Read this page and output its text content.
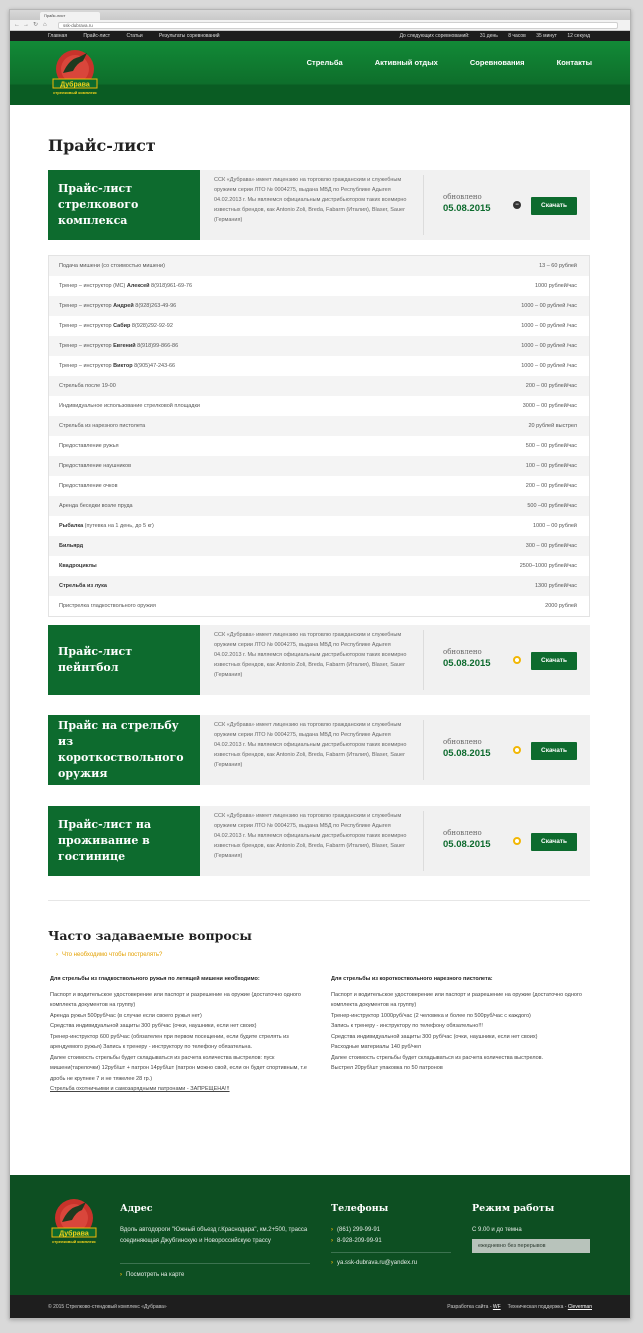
Прайс-лист
← → ↻ ⌂	ssk-dubrava.ru
Главная	Прайс-лист	Статьи	Результаты соревнований	До следующих соревнований: 31 день 8 часов 35 минут 12 секунд
Дубрава
стрелковый комплекс
Стрельба	Активный отдых	Соревнования	Контакты
Прайс-лист
Прайс-лист стрелкового комплекса
ССК «Дубрава» имеет лицензию на торговлю гражданским и служебным оружием серии ЛТО № 0004275, выдана МВД по Республике Адыгея 04.02.2013 г. Мы являемся официальным дистрибьютором таких всемирно известных брендов, как Antonio Zoli, Breda, Fabarm (Италия), Blaser, Sauer (Германия)
обновлено
05.08.2015	−	Скачать
Подача мишени (со стоимостью мишени)	13 – 60 рублей
Тренер – инструктор (МС) Алексей 8(918)961-69-76	1000 рублей/час
Тренер – инструктор Андрей 8(928)263-49-96	1000 – 00 рублей /час
Тренер – инструктор Сабир 8(928)292-92-92	1000 – 00 рублей /час
Тренер – инструктор Евгений 8(918)99-866-86	1000 – 00 рублей /час
Тренер – инструктор Виктор 8(905)47-243-66	1000 – 00 рублей /час
Стрельба после 19-00	200 – 00 рублей/час
Индивидуальное использование стрелковой площадки	3000 – 00 рублей/час
Стрельба из нарезного пистолета	20 рублей выстрел
Предоставление ружья	500 – 00 рублей/час
Предоставление наушников	100 – 00 рублей/час
Предоставление очков	200 – 00 рублей/час
Аренда беседки возле пруда	500 –00 рублей/час
Рыбалка (путевка на 1 день, до 5 кг)	1000 – 00 рублей
Бильярд	300 – 00 рублей/час
Квадроциклы	2500–1000 рублей/час
Стрельба из лука	1300 рублей/час
Пристрелка гладкоствольного оружия	2000 рублей
Прайс-лист пейнтбол
ССК «Дубрава» имеет лицензию на торговлю гражданским и служебным оружием серии ЛТО № 0004275, выдана МВД по Республике Адыгея 04.02.2013 г. Мы являемся официальным дистрибьютором таких всемирно известных брендов, как Antonio Zoli, Breda, Fabarm (Италия), Blaser, Sauer (Германия)
обновлено
05.08.2015	Скачать
Прайс на стрельбу из короткоствольного оружия
ССК «Дубрава» имеет лицензию на торговлю гражданским и служебным оружием серии ЛТО № 0004275, выдана МВД по Республике Адыгея 04.02.2013 г. Мы являемся официальным дистрибьютором таких всемирно известных брендов, как Antonio Zoli, Breda, Fabarm (Италия), Blaser, Sauer (Германия)
обновлено
05.08.2015	Скачать
Прайс-лист на проживание в гостинице
ССК «Дубрава» имеет лицензию на торговлю гражданским и служебным оружием серии ЛТО № 0004275, выдана МВД по Республике Адыгея 04.02.2013 г. Мы являемся официальным дистрибьютором таких всемирно известных брендов, как Antonio Zoli, Breda, Fabarm (Италия), Blaser, Sauer (Германия)
обновлено
05.08.2015	Скачать
Часто задаваемые вопросы
› Что необходимо чтобы пострелять?
Для стрельбы из гладкоствольного ружья по летящей мишени необходимо:
Паспорт и водительское удостоверение или паспорт и разрешение на оружие (достаточно одного комплекта документов на группу)
Аренда ружья 500руб/час (в случае если своего ружья нет)
Средства индивидуальной защиты 300 руб/час (очки, наушники, если нет своих)
Тренер-инструктор 600 руб/час (обязателен при первом посещении, если будите стрелять из арендуемого ружья) Запись к тренеру - инструктору по телефону обязательна.
Далее стоимость стрельбы будет складываться из расчета количества выстрелов: пуск мишени(тарелочки) 12руб/шт + патрон 14руб/шт (патрон можно свой, если он будет спортивным, т.е дробь не крупнее 7 и не тяжелее 28 гр.)
Стрельба охотничьими и самозарядными патронами - ЗАПРЕЩЕНА!!!
Для стрельбы из короткоствольного нарезного пистолета:
Паспорт и водительское удостоверение или паспорт и разрешение на оружие (достаточно одного комплекта документов на группу)
Тренер-инструктор 1000руб/час (2 человека и более по 500руб/час с каждого)
Запись к тренеру - инструктору по телефону обязательно!!!
Средства индивидуальной защиты 300 руб/час (очки, наушники, если нет своих)
Расходные материалы 140 руб/чел
Далее стоимость стрельбы будет складываться из расчета количества выстрелов.
Выстрел 20руб/шт упаковка по 50 патронов
Дубрава
стрелковый комплекс
Адрес
Вдоль автодороги "Южный объезд г.Краснодара", км.2+500, трасса соединяющая Джубгинскую и Новороссийскую трассу
› Посмотреть на карте
Телефоны
› (861) 299-99-91
› 8-928-209-99-91
› ya.ssk-dubrava.ru@yandex.ru
Режим работы
С 9.00 и до темна
ежедневно без перерывов
© 2015 Стрелково-стендовый комплекс «Дубрава»	Разработка сайта - WF Техническая поддержка - Cleverman
